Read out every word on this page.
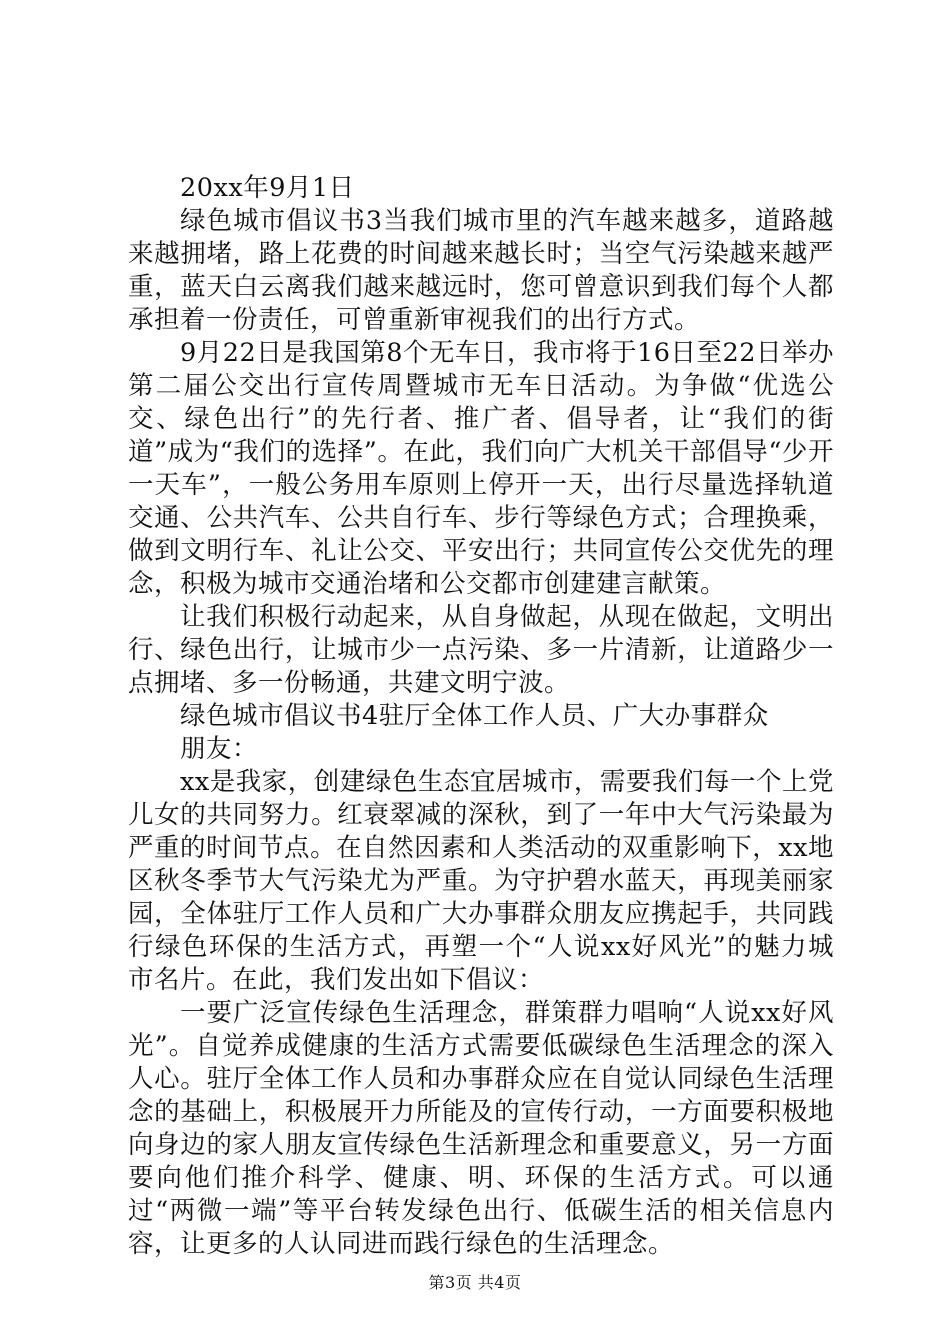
20xx年9月1日

绿色城市倡议书3当我们城市里的汽车越来越多，道路越来越拥堵，路上花费的时间越来越长时；当空气污染越来越严重，蓝天白云离我们越来越远时，您可曾意识到我们每个人都承担着一份责任，可曾重新审视我们的出行方式。

9月22日是我国第8个无车日，我市将于16日至22日举办第二届公交出行宣传周暨城市无车日活动。为争做“优选公交、绿色出行”的先行者、推广者、倡导者，让“我们的街道”成为“我们的选择”。在此，我们向广大机关干部倡导“少开一天车”，一般公务用车原则上停开一天，出行尽量选择轨道交通、公共汽车、公共自行车、步行等绿色方式；合理换乘，做到文明行车、礼让公交、平安出行；共同宣传公交优先的理念，积极为城市交通治堵和公交都市创建建言献策。

让我们积极行动起来，从自身做起，从现在做起，文明出行、绿色出行，让城市少一点污染、多一片清新，让道路少一点拥堵、多一份畅通，共建文明宁波。

绿色城市倡议书4驻厅全体工作人员、广大办事群众

朋友：

xx是我家，创建绿色生态宜居城市，需要我们每一个上党儿女的共同努力。红衰翠减的深秋，到了一年中大气污染最为严重的时间节点。在自然因素和人类活动的双重影响下，xx地区秋冬季节大气污染尤为严重。为守护碧水蓝天，再现美丽家园，全体驻厅工作人员和广大办事群众朋友应携起手，共同践行绿色环保的生活方式，再塑一个“人说xx好风光”的魅力城市名片。在此，我们发出如下倡议：

一要广泛宣传绿色生活理念，群策群力唱响“人说xx好风光”。自觉养成健康的生活方式需要低碳绿色生活理念的深入人心。驻厅全体工作人员和办事群众应在自觉认同绿色生活理念的基础上，积极展开力所能及的宣传行动，一方面要积极地向身边的家人朋友宣传绿色生活新理念和重要意义，另一方面要向他们推介科学、健康、明、环保的生活方式。可以通过“两微一端”等平台转发绿色出行、低碳生活的相关信息内容，让更多的人认同进而践行绿色的生活理念。

第3页 共4页
